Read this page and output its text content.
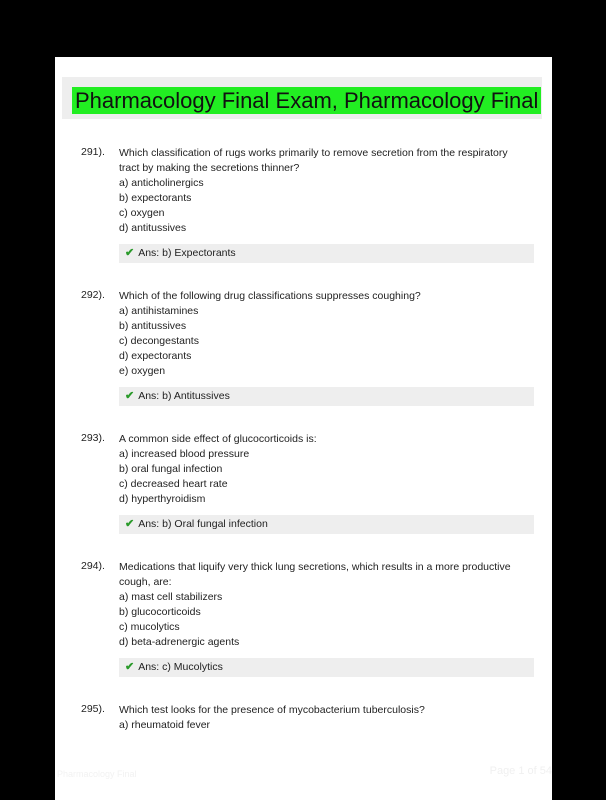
Pharmacology Final Exam, Pharmacology Final
291). Which classification of rugs works primarily to remove secretion from the respiratory tract by making the secretions thinner?
a) anticholinergics
b) expectorants
c) oxygen
d) antitussives
✔ Ans: b) Expectorants
292). Which of the following drug classifications suppresses coughing?
a) antihistamines
b) antitussives
c) decongestants
d) expectorants
e) oxygen
✔ Ans: b) Antitussives
293). A common side effect of glucocorticoids is:
a) increased blood pressure
b) oral fungal infection
c) decreased heart rate
d) hyperthyroidism
✔ Ans: b) Oral fungal infection
294). Medications that liquify very thick lung secretions, which results in a more productive cough, are:
a) mast cell stabilizers
b) glucocorticoids
c) mucolytics
d) beta-adrenergic agents
✔ Ans: c) Mucolytics
295). Which test looks for the presence of mycobacterium tuberculosis?
a) rheumatoid fever
Pharmacology Final	Page 1 of 54
